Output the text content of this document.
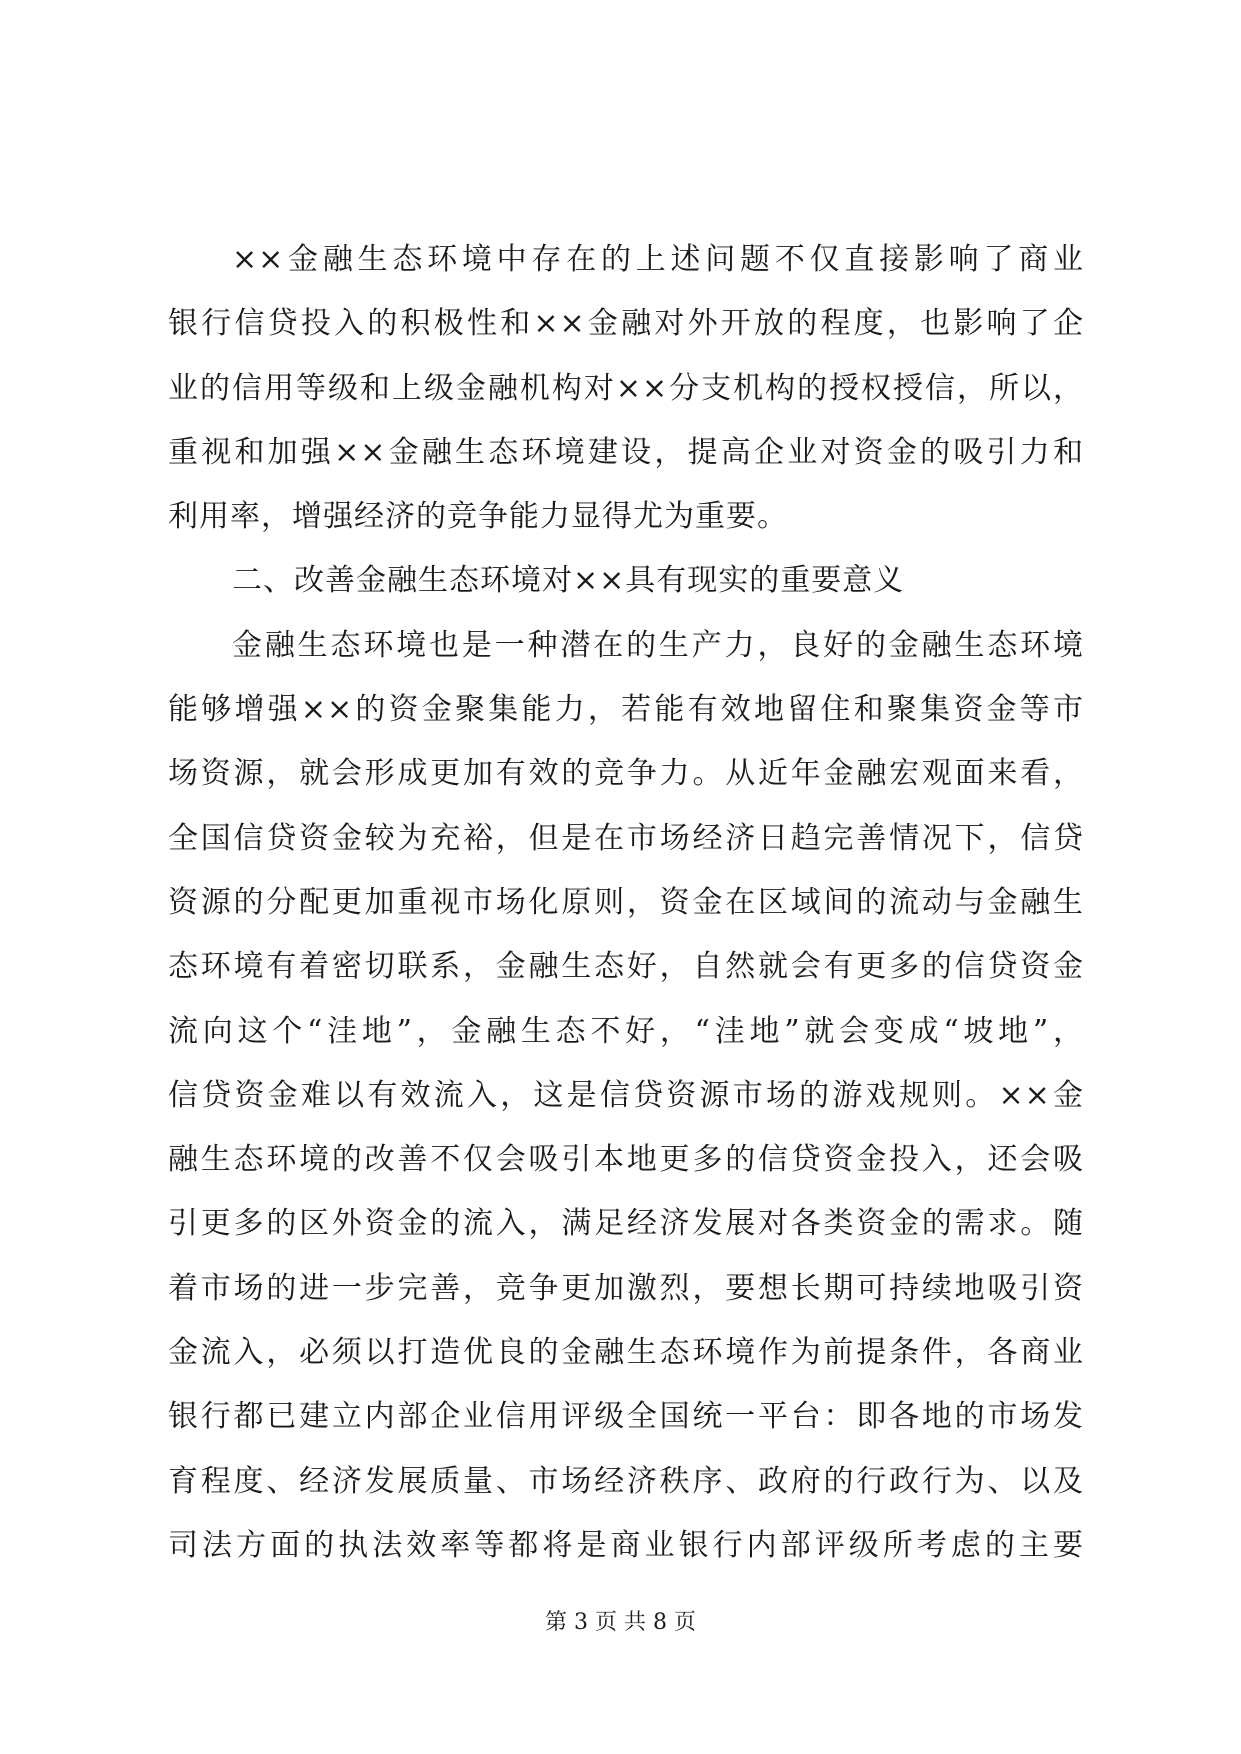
××金融生态环境中存在的上述问题不仅直接影响了商业
银行信贷投入的积极性和××金融对外开放的程度，也影响了企
业的信用等级和上级金融机构对××分支机构的授权授信，所以，
重视和加强××金融生态环境建设，提高企业对资金的吸引力和
利用率，增强经济的竞争能力显得尤为重要。
二、改善金融生态环境对××具有现实的重要意义
金融生态环境也是一种潜在的生产力，良好的金融生态环境
能够增强××的资金聚集能力，若能有效地留住和聚集资金等市
场资源，就会形成更加有效的竞争力。从近年金融宏观面来看，
全国信贷资金较为充裕，但是在市场经济日趋完善情况下，信贷
资源的分配更加重视市场化原则，资金在区域间的流动与金融生
态环境有着密切联系，金融生态好，自然就会有更多的信贷资金
流向这个“洼地”，金融生态不好，“洼地”就会变成“坡地”，
信贷资金难以有效流入，这是信贷资源市场的游戏规则。××金
融生态环境的改善不仅会吸引本地更多的信贷资金投入，还会吸
引更多的区外资金的流入，满足经济发展对各类资金的需求。随
着市场的进一步完善，竞争更加激烈，要想长期可持续地吸引资
金流入，必须以打造优良的金融生态环境作为前提条件，各商业
银行都已建立内部企业信用评级全国统一平台：即各地的市场发
育程度、经济发展质量、市场经济秩序、政府的行政行为、以及
司法方面的执法效率等都将是商业银行内部评级所考虑的主要
第 3 页 共 8 页
